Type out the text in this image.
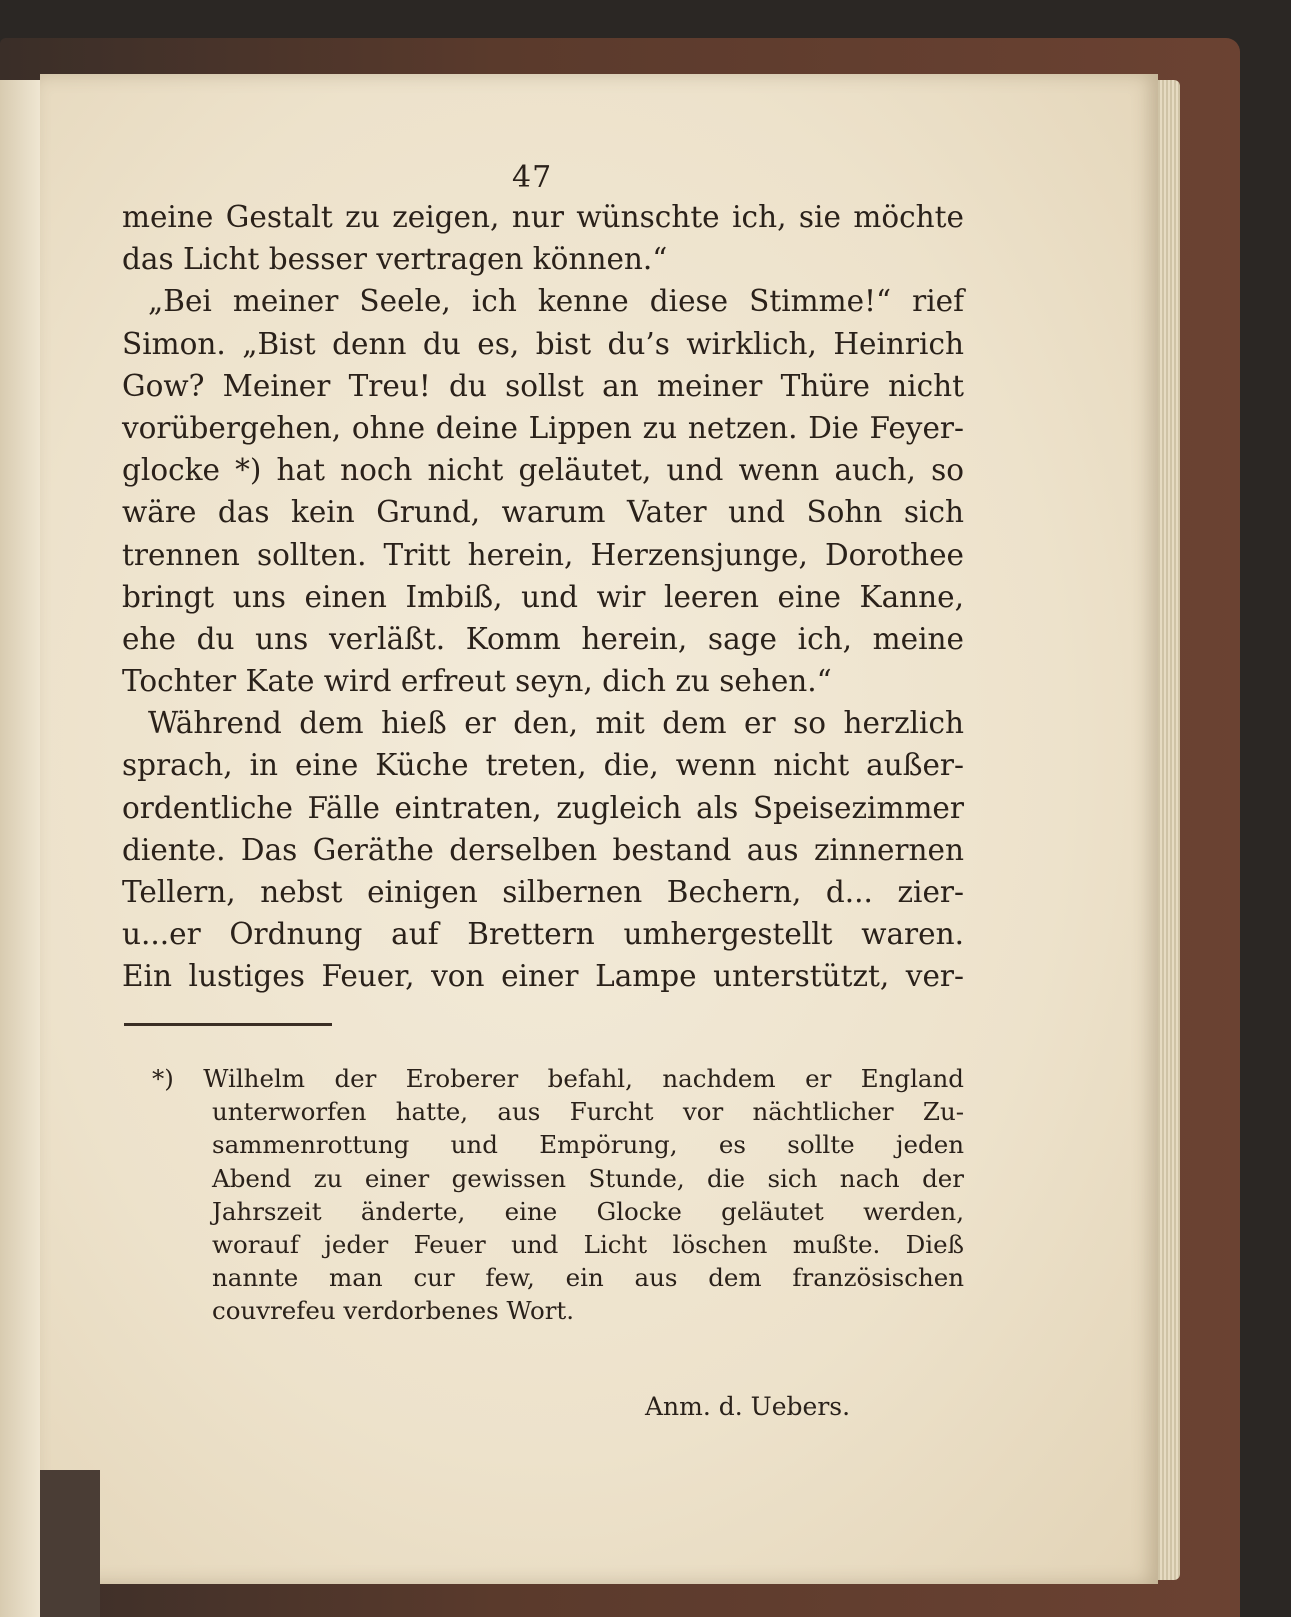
47
meine Gestalt zu zeigen, nur wünschte ich, sie möchte
das Licht besser vertragen können.“
„Bei meiner Seele, ich kenne diese Stimme!“ rief
Simon. „Bist denn du es, bist du’s wirklich, Heinrich
Gow? Meiner Treu! du sollst an meiner Thüre nicht
vorübergehen, ohne deine Lippen zu netzen. Die Feyer-
glocke *) hat noch nicht geläutet, und wenn auch, so
wäre das kein Grund, warum Vater und Sohn sich
trennen sollten. Tritt herein, Herzensjunge, Dorothee
bringt uns einen Imbiß, und wir leeren eine Kanne,
ehe du uns verläßt. Komm herein, sage ich, meine
Tochter Kate wird erfreut seyn, dich zu sehen.“
Während dem hieß er den, mit dem er so herzlich
sprach, in eine Küche treten, die, wenn nicht außer-
ordentliche Fälle eintraten, zugleich als Speisezimmer
diente. Das Geräthe derselben bestand aus zinnernen
Tellern, nebst einigen silbernen Bechern, d... zier-
u...er Ordnung auf Brettern umhergestellt waren.
Ein lustiges Feuer, von einer Lampe unterstützt, ver-
*) Wilhelm der Eroberer befahl, nachdem er England
unterworfen hatte, aus Furcht vor nächtlicher Zu-
sammenrottung und Empörung, es sollte jeden
Abend zu einer gewissen Stunde, die sich nach der
Jahrszeit änderte, eine Glocke geläutet werden,
worauf jeder Feuer und Licht löschen mußte. Dieß
nannte man cur few, ein aus dem französischen
couvrefeu verdorbenes Wort.
Anm. d. Uebers.
